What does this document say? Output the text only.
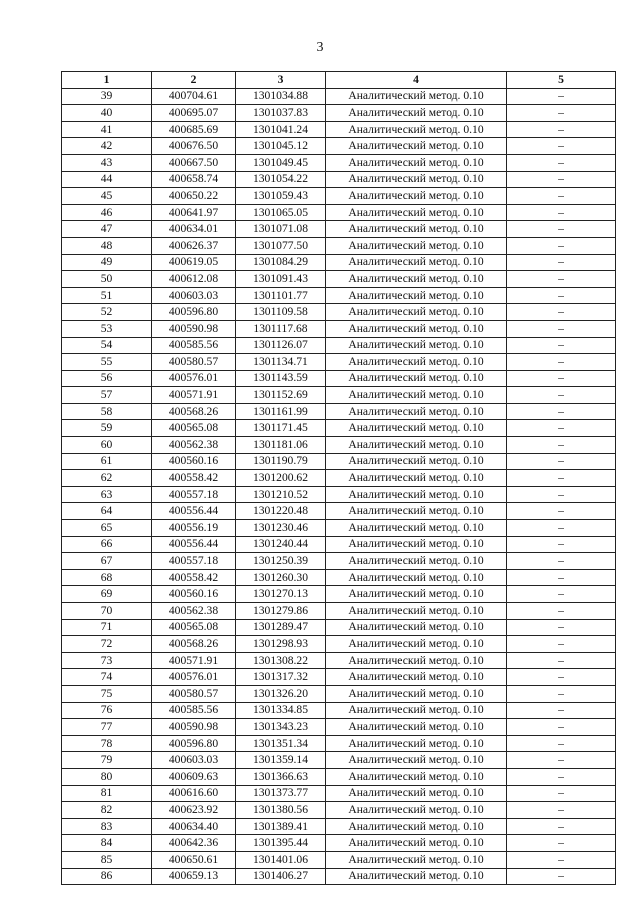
3
1	2	3	4	5
39	400704.61	1301034.88	Аналитический метод. 0.10	–
40	400695.07	1301037.83	Аналитический метод. 0.10	–
41	400685.69	1301041.24	Аналитический метод. 0.10	–
42	400676.50	1301045.12	Аналитический метод. 0.10	–
43	400667.50	1301049.45	Аналитический метод. 0.10	–
44	400658.74	1301054.22	Аналитический метод. 0.10	–
45	400650.22	1301059.43	Аналитический метод. 0.10	–
46	400641.97	1301065.05	Аналитический метод. 0.10	–
47	400634.01	1301071.08	Аналитический метод. 0.10	–
48	400626.37	1301077.50	Аналитический метод. 0.10	–
49	400619.05	1301084.29	Аналитический метод. 0.10	–
50	400612.08	1301091.43	Аналитический метод. 0.10	–
51	400603.03	1301101.77	Аналитический метод. 0.10	–
52	400596.80	1301109.58	Аналитический метод. 0.10	–
53	400590.98	1301117.68	Аналитический метод. 0.10	–
54	400585.56	1301126.07	Аналитический метод. 0.10	–
55	400580.57	1301134.71	Аналитический метод. 0.10	–
56	400576.01	1301143.59	Аналитический метод. 0.10	–
57	400571.91	1301152.69	Аналитический метод. 0.10	–
58	400568.26	1301161.99	Аналитический метод. 0.10	–
59	400565.08	1301171.45	Аналитический метод. 0.10	–
60	400562.38	1301181.06	Аналитический метод. 0.10	–
61	400560.16	1301190.79	Аналитический метод. 0.10	–
62	400558.42	1301200.62	Аналитический метод. 0.10	–
63	400557.18	1301210.52	Аналитический метод. 0.10	–
64	400556.44	1301220.48	Аналитический метод. 0.10	–
65	400556.19	1301230.46	Аналитический метод. 0.10	–
66	400556.44	1301240.44	Аналитический метод. 0.10	–
67	400557.18	1301250.39	Аналитический метод. 0.10	–
68	400558.42	1301260.30	Аналитический метод. 0.10	–
69	400560.16	1301270.13	Аналитический метод. 0.10	–
70	400562.38	1301279.86	Аналитический метод. 0.10	–
71	400565.08	1301289.47	Аналитический метод. 0.10	–
72	400568.26	1301298.93	Аналитический метод. 0.10	–
73	400571.91	1301308.22	Аналитический метод. 0.10	–
74	400576.01	1301317.32	Аналитический метод. 0.10	–
75	400580.57	1301326.20	Аналитический метод. 0.10	–
76	400585.56	1301334.85	Аналитический метод. 0.10	–
77	400590.98	1301343.23	Аналитический метод. 0.10	–
78	400596.80	1301351.34	Аналитический метод. 0.10	–
79	400603.03	1301359.14	Аналитический метод. 0.10	–
80	400609.63	1301366.63	Аналитический метод. 0.10	–
81	400616.60	1301373.77	Аналитический метод. 0.10	–
82	400623.92	1301380.56	Аналитический метод. 0.10	–
83	400634.40	1301389.41	Аналитический метод. 0.10	–
84	400642.36	1301395.44	Аналитический метод. 0.10	–
85	400650.61	1301401.06	Аналитический метод. 0.10	–
86	400659.13	1301406.27	Аналитический метод. 0.10	–
